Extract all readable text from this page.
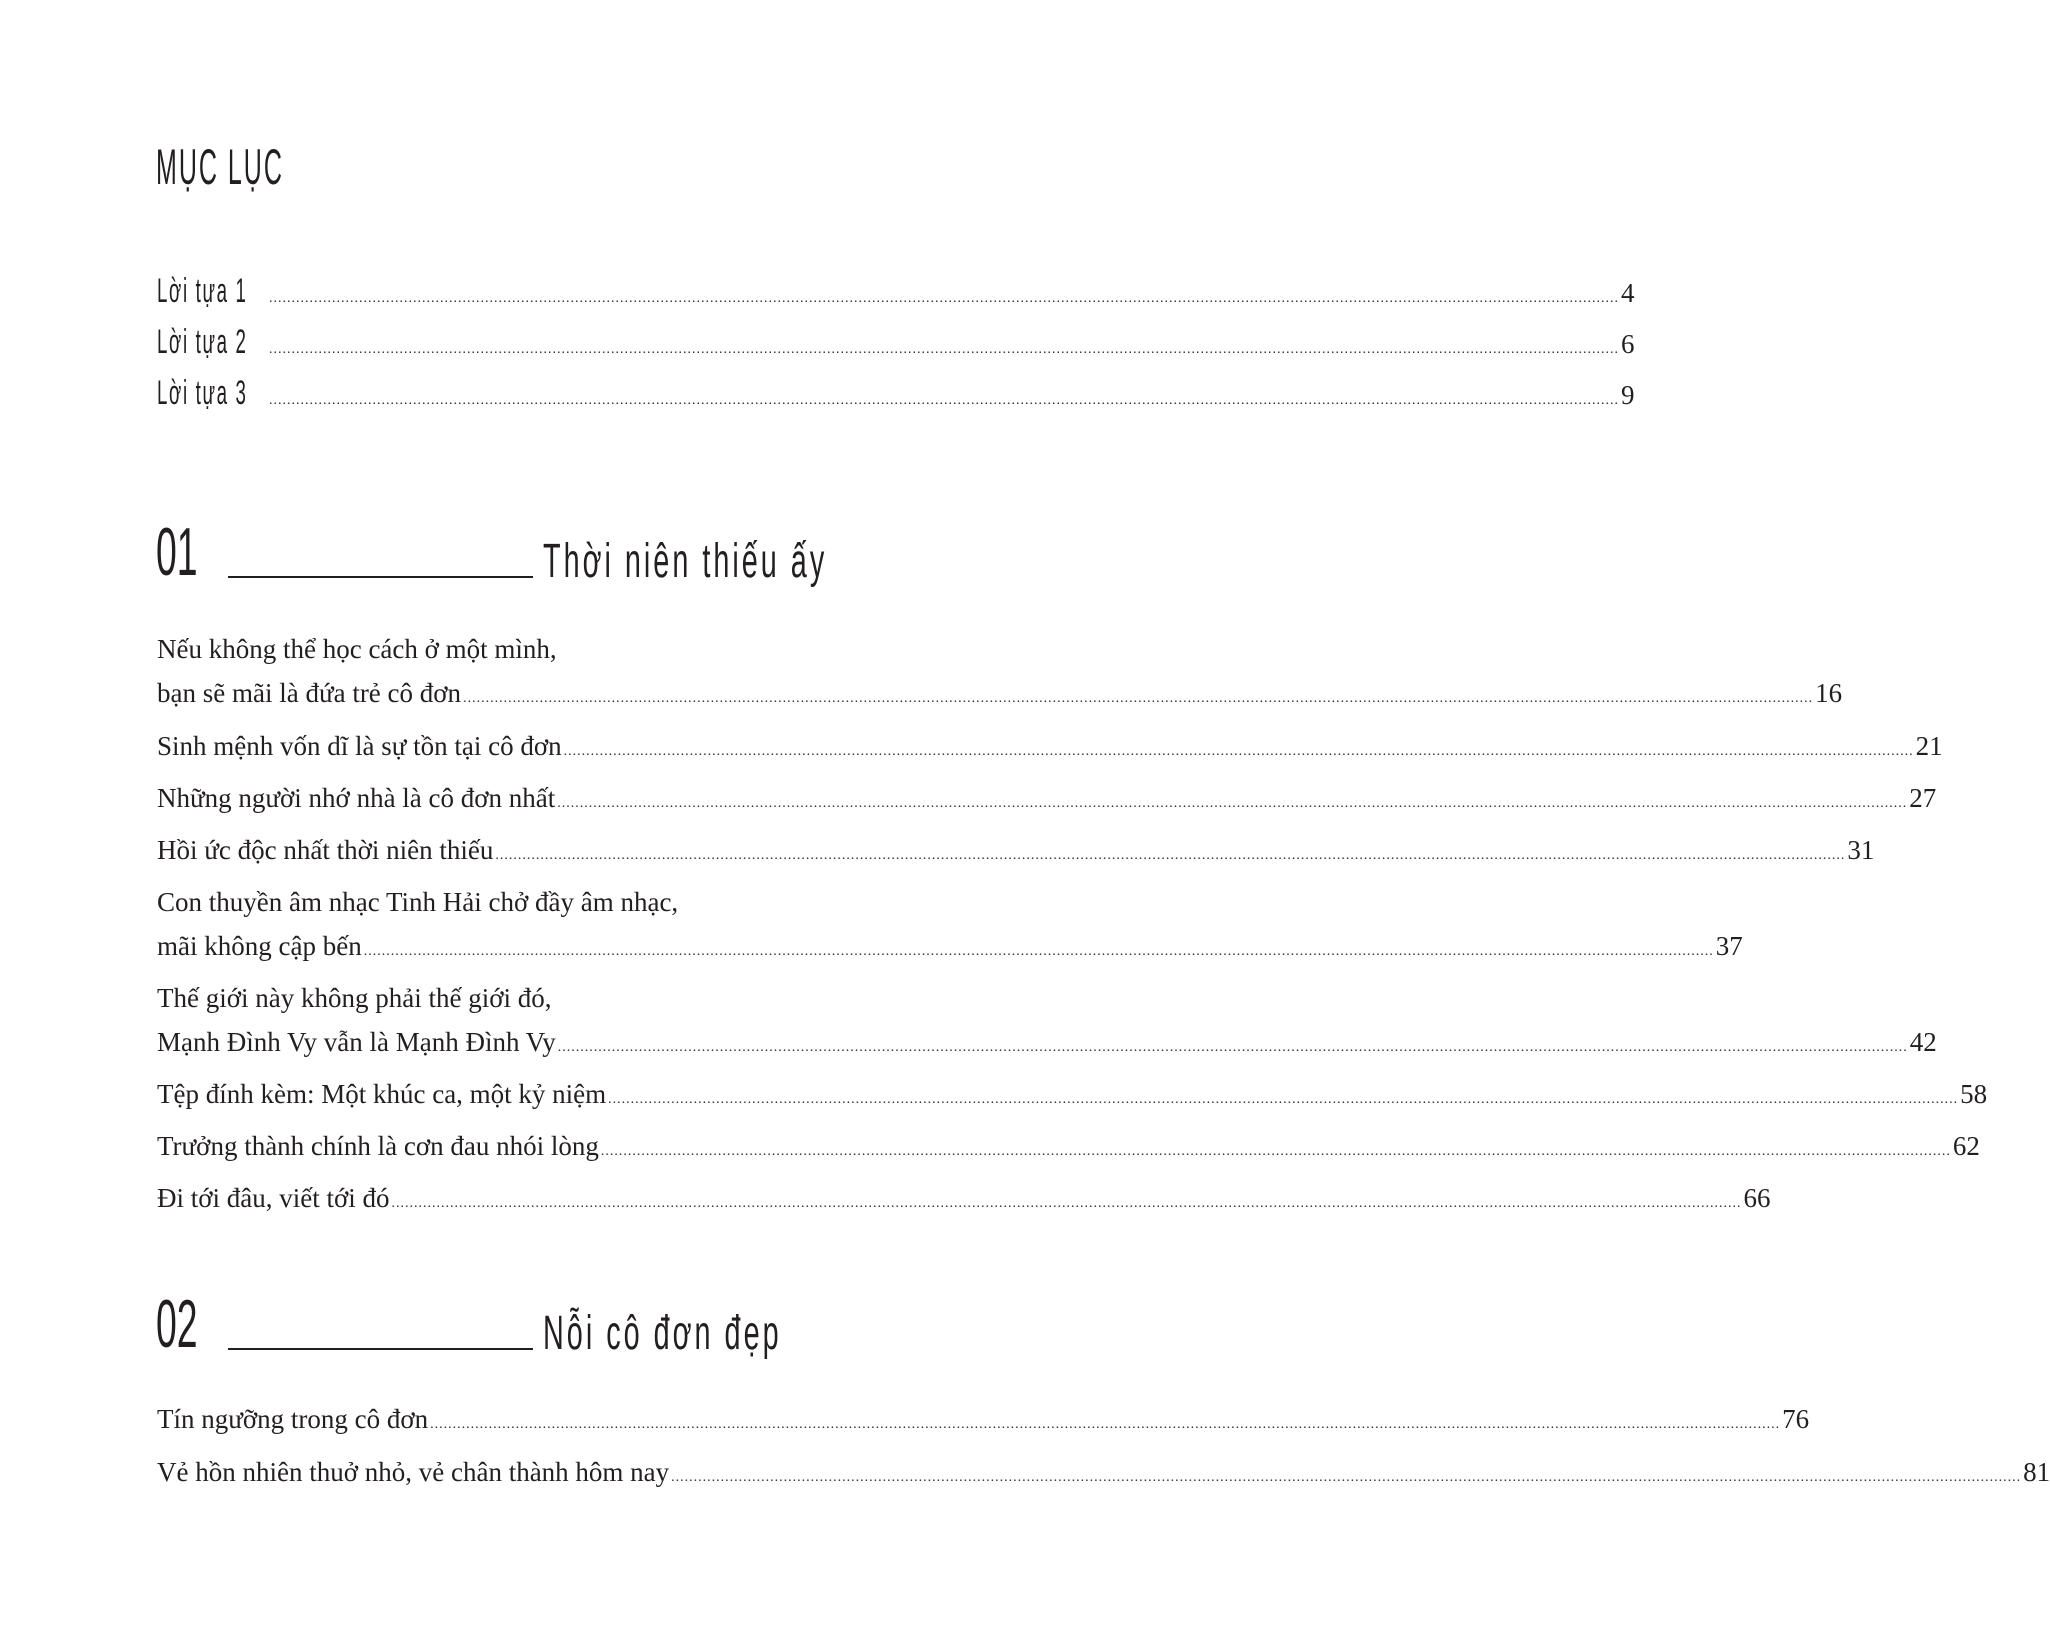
MỤC LỤC
Lời tựa 1 ............................................................................................................................................................................................................................................................................................................ 4
Lời tựa 2 ............................................................................................................................................................................................................................................................................................................ 6
Lời tựa 3 ............................................................................................................................................................................................................................................................................................................ 9
01	Thời niên thiếu ấy
Nếu không thể học cách ở một mình,
bạn sẽ mãi là đứa trẻ cô đơn ............................................................................................................................................................................................................................................................................................................ 16
Sinh mệnh vốn dĩ là sự tồn tại cô đơn ............................................................................................................................................................................................................................................................................................................ 21
Những người nhớ nhà là cô đơn nhất ............................................................................................................................................................................................................................................................................................................ 27
Hồi ức độc nhất thời niên thiếu ............................................................................................................................................................................................................................................................................................................ 31
Con thuyền âm nhạc Tinh Hải chở đầy âm nhạc,
mãi không cập bến ............................................................................................................................................................................................................................................................................................................ 37
Thế giới này không phải thế giới đó,
Mạnh Đình Vy vẫn là Mạnh Đình Vy ............................................................................................................................................................................................................................................................................................................ 42
Tệp đính kèm: Một khúc ca, một kỷ niệm ............................................................................................................................................................................................................................................................................................................ 58
Trưởng thành chính là cơn đau nhói lòng ............................................................................................................................................................................................................................................................................................................ 62
Đi tới đâu, viết tới đó ............................................................................................................................................................................................................................................................................................................ 66
02	Nỗi cô đơn đẹp
Tín ngưỡng trong cô đơn ............................................................................................................................................................................................................................................................................................................ 76
Vẻ hồn nhiên thuở nhỏ, vẻ chân thành hôm nay ............................................................................................................................................................................................................................................................................................................ 81
